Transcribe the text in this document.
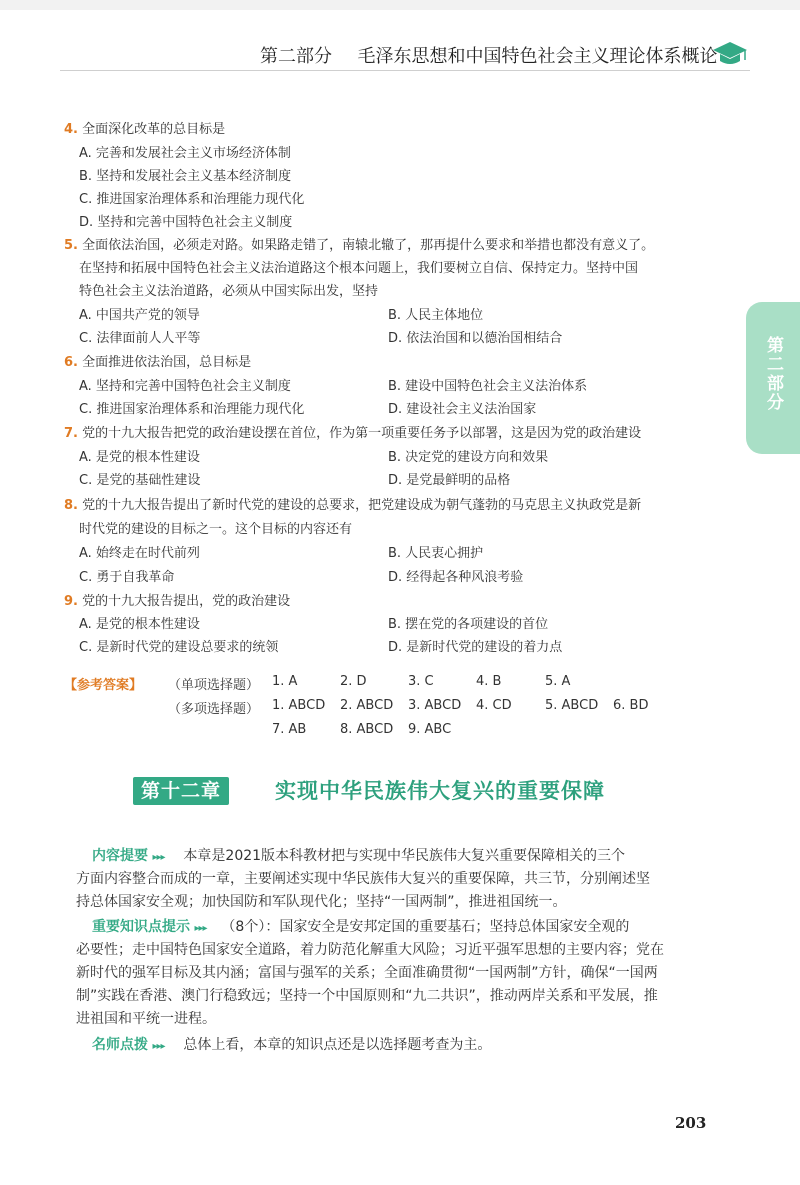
第二部分 毛泽东思想和中国特色社会主义理论体系概论
第二部分
4. 全面深化改革的总目标是
A. 完善和发展社会主义市场经济体制
B. 坚持和发展社会主义基本经济制度
C. 推进国家治理体系和治理能力现代化
D. 坚持和完善中国特色社会主义制度
5. 全面依法治国，必须走对路。如果路走错了，南辕北辙了，那再提什么要求和举措也都没有意义了。
在坚持和拓展中国特色社会主义法治道路这个根本问题上，我们要树立自信、保持定力。坚持中国
特色社会主义法治道路，必须从中国实际出发，坚持
A. 中国共产党的领导	B. 人民主体地位
C. 法律面前人人平等	D. 依法治国和以德治国相结合
6. 全面推进依法治国，总目标是
A. 坚持和完善中国特色社会主义制度	B. 建设中国特色社会主义法治体系
C. 推进国家治理体系和治理能力现代化	D. 建设社会主义法治国家
7. 党的十九大报告把党的政治建设摆在首位，作为第一项重要任务予以部署，这是因为党的政治建设
A. 是党的根本性建设	B. 决定党的建设方向和效果
C. 是党的基础性建设	D. 是党最鲜明的品格
8. 党的十九大报告提出了新时代党的建设的总要求，把党建设成为朝气蓬勃的马克思主义执政党是新
时代党的建设的目标之一。这个目标的内容还有
A. 始终走在时代前列	B. 人民衷心拥护
C. 勇于自我革命	D. 经得起各种风浪考验
9. 党的十九大报告提出，党的政治建设
A. 是党的根本性建设	B. 摆在党的各项建设的首位
C. 是新时代党的建设总要求的统领	D. 是新时代党的建设的着力点
【参考答案】 （单项选择题） 1. A	2. D	3. C	4. B	5. A
（多项选择题） 1. ABCD 2. ABCD 3. ABCD 4. CD	5. ABCD 6. BD
7. AB	8. ABCD 9. ABC
第十二章	实现中华民族伟大复兴的重要保障
内容提要 ▸▸▸ 本章是2021版本科教材把与实现中华民族伟大复兴重要保障相关的三个
方面内容整合而成的一章，主要阐述实现中华民族伟大复兴的重要保障，共三节，分别阐述坚
持总体国家安全观；加快国防和军队现代化；坚持“一国两制”，推进祖国统一。
重要知识点提示 ▸▸▸ （8个）：国家安全是安邦定国的重要基石；坚持总体国家安全观的
必要性；走中国特色国家安全道路，着力防范化解重大风险；习近平强军思想的主要内容；党在
新时代的强军目标及其内涵；富国与强军的关系；全面准确贯彻“一国两制”方针，确保“一国两
制”实践在香港、澳门行稳致远；坚持一个中国原则和“九二共识”，推动两岸关系和平发展，推
进祖国和平统一进程。
名师点拨 ▸▸▸ 总体上看，本章的知识点还是以选择题考查为主。
203
